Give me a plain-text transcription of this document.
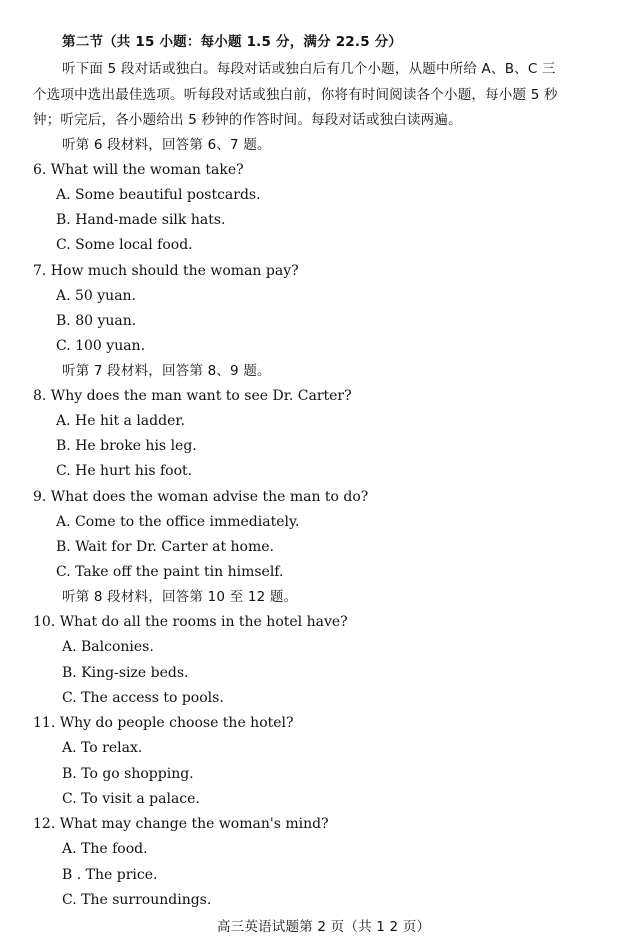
第二节（共 15 小题：每小题 1.5 分，满分 22.5 分）
听下面 5 段对话或独白。每段对话或独白后有几个小题，从题中所给 A、B、C 三
个选项中选出最佳选项。听每段对话或独白前，你将有时间阅读各个小题，每小题 5 秒
钟；听完后，各小题给出 5 秒钟的作答时间。每段对话或独白读两遍。
听第 6 段材料，回答第 6、7 题。
6. What will the woman take?
A. Some beautiful postcards.
B. Hand-made silk hats.
C. Some local food.
7. How much should the woman pay?
A. 50 yuan.
B. 80 yuan.
C. 100 yuan.
听第 7 段材料，回答第 8、9 题。
8. Why does the man want to see Dr. Carter?
A. He hit a ladder.
B. He broke his leg.
C. He hurt his foot.
9. What does the woman advise the man to do?
A. Come to the office immediately.
B. Wait for Dr. Carter at home.
C. Take off the paint tin himself.
听第 8 段材料，回答第 10 至 12 题。
10. What do all the rooms in the hotel have?
A. Balconies.
B. King-size beds.
C. The access to pools.
11. Why do people choose the hotel?
A. To relax.
B. To go shopping.
C. To visit a palace.
12. What may change the woman's mind?
A. The food.
B . The price.
C. The surroundings.
高三英语试题第 2 页（共 1 2 页）
